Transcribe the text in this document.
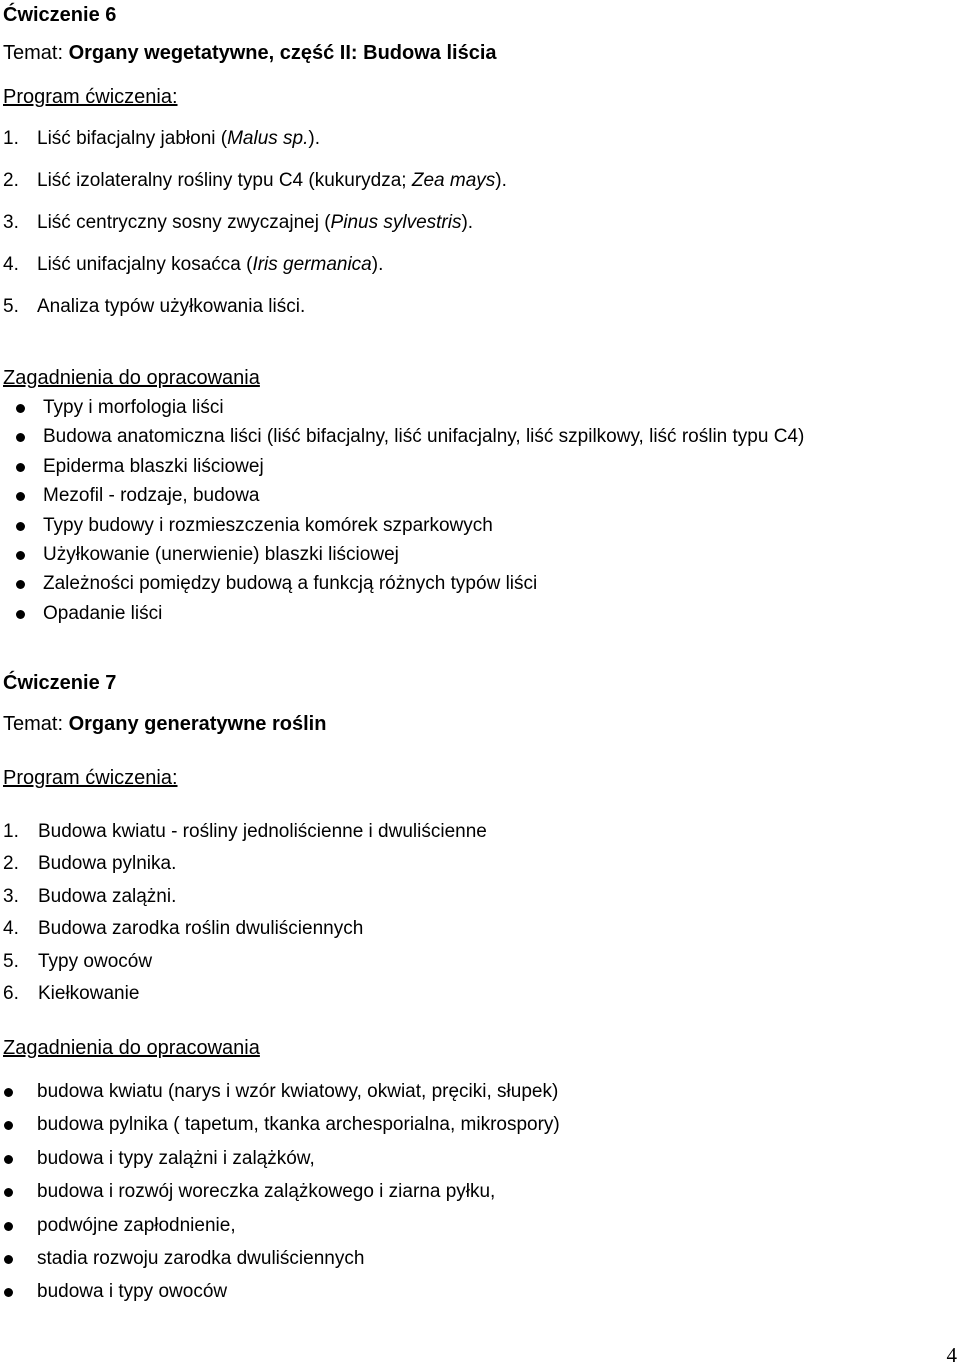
Ćwiczenie 6
Temat: Organy wegetatywne, część II: Budowa liścia
Program ćwiczenia:
1. Liść bifacjalny jabłoni (Malus sp.).
2. Liść izolateralny rośliny typu C4 (kukurydza; Zea mays).
3. Liść centryczny sosny zwyczajnej (Pinus sylvestris).
4. Liść unifacjalny kosaćca (Iris germanica).
5. Analiza typów użyłkowania liści.
Zagadnienia do opracowania
Typy i morfologia liści
Budowa anatomiczna liści (liść bifacjalny, liść unifacjalny, liść szpilkowy, liść roślin typu C4)
Epiderma blaszki liściowej
Mezofil - rodzaje, budowa
Typy budowy i rozmieszczenia komórek szparkowych
Użyłkowanie (unerwienie) blaszki liściowej
Zależności pomiędzy budową a funkcją różnych typów liści
Opadanie liści
Ćwiczenie 7
Temat: Organy generatywne roślin
Program ćwiczenia:
1. Budowa kwiatu - rośliny jednoliścienne i dwuliścienne
2. Budowa pylnika.
3. Budowa zalążni.
4. Budowa zarodka roślin dwuliściennych
5. Typy owoców
6. Kiełkowanie
Zagadnienia do opracowania
budowa kwiatu (narys i wzór kwiatowy, okwiat, pręciki, słupek)
budowa pylnika ( tapetum, tkanka archesporialna, mikrospory)
budowa i typy zalążni i zalążków,
budowa i rozwój woreczka zalążkowego i ziarna pyłku,
podwójne zapłodnienie,
stadia rozwoju zarodka dwuliściennych
budowa i typy owoców
4
